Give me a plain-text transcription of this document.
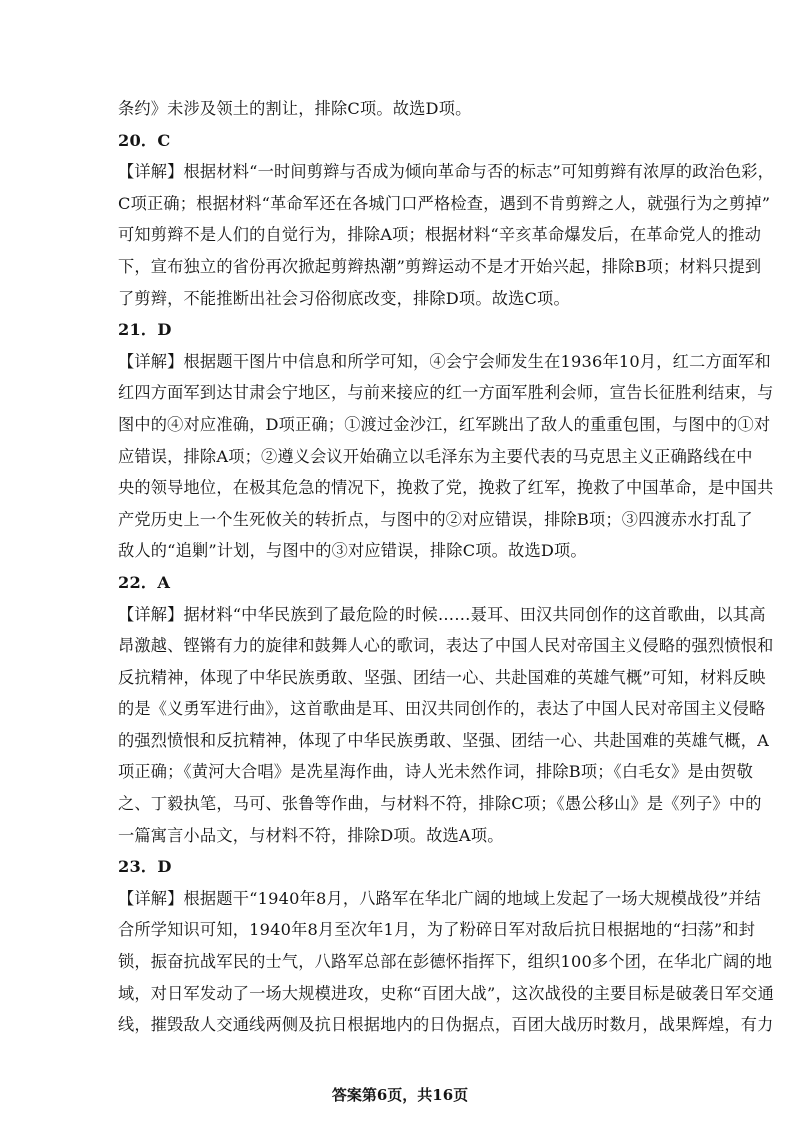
条约》未涉及领土的割让，排除C项。故选D项。
20．C
【详解】根据材料“一时间剪辫与否成为倾向革命与否的标志”可知剪辫有浓厚的政治色彩，
C项正确；根据材料“革命军还在各城门口严格检查，遇到不肯剪辫之人，就强行为之剪掉”
可知剪辫不是人们的自觉行为，排除A项；根据材料“辛亥革命爆发后，在革命党人的推动
下，宣布独立的省份再次掀起剪辫热潮”剪辫运动不是才开始兴起，排除B项；材料只提到
了剪辫，不能推断出社会习俗彻底改变，排除D项。故选C项。
21．D
【详解】根据题干图片中信息和所学可知，④会宁会师发生在1936年10月，红二方面军和
红四方面军到达甘肃会宁地区，与前来接应的红一方面军胜利会师，宣告长征胜利结束，与
图中的④对应准确，D项正确；①渡过金沙江，红军跳出了敌人的重重包围，与图中的①对
应错误，排除A项；②遵义会议开始确立以毛泽东为主要代表的马克思主义正确路线在中
央的领导地位，在极其危急的情况下，挽救了党，挽救了红军，挽救了中国革命，是中国共
产党历史上一个生死攸关的转折点，与图中的②对应错误，排除B项；③四渡赤水打乱了
敌人的“追剿”计划，与图中的③对应错误，排除C项。故选D项。
22．A
【详解】据材料“中华民族到了最危险的时候……聂耳、田汉共同创作的这首歌曲，以其高
昂激越、铿锵有力的旋律和鼓舞人心的歌词，表达了中国人民对帝国主义侵略的强烈愤恨和
反抗精神，体现了中华民族勇敢、坚强、团结一心、共赴国难的英雄气概”可知，材料反映
的是《义勇军进行曲》，这首歌曲是耳、田汉共同创作的，表达了中国人民对帝国主义侵略
的强烈愤恨和反抗精神，体现了中华民族勇敢、坚强、团结一心、共赴国难的英雄气概，A
项正确；《黄河大合唱》是冼星海作曲，诗人光未然作词，排除B项；《白毛女》是由贺敬
之、丁毅执笔，马可、张鲁等作曲，与材料不符，排除C项；《愚公移山》是《列子》中的
一篇寓言小品文，与材料不符，排除D项。故选A项。
23．D
【详解】根据题干“1940年8月，八路军在华北广阔的地域上发起了一场大规模战役”并结
合所学知识可知，1940年8月至次年1月，为了粉碎日军对敌后抗日根据地的“扫荡”和封
锁，振奋抗战军民的士气，八路军总部在彭德怀指挥下，组织100多个团，在华北广阔的地
域，对日军发动了一场大规模进攻，史称“百团大战”，这次战役的主要目标是破袭日军交通
线，摧毁敌人交通线两侧及抗日根据地内的日伪据点，百团大战历时数月，战果辉煌，有力
答案第6页，共16页
